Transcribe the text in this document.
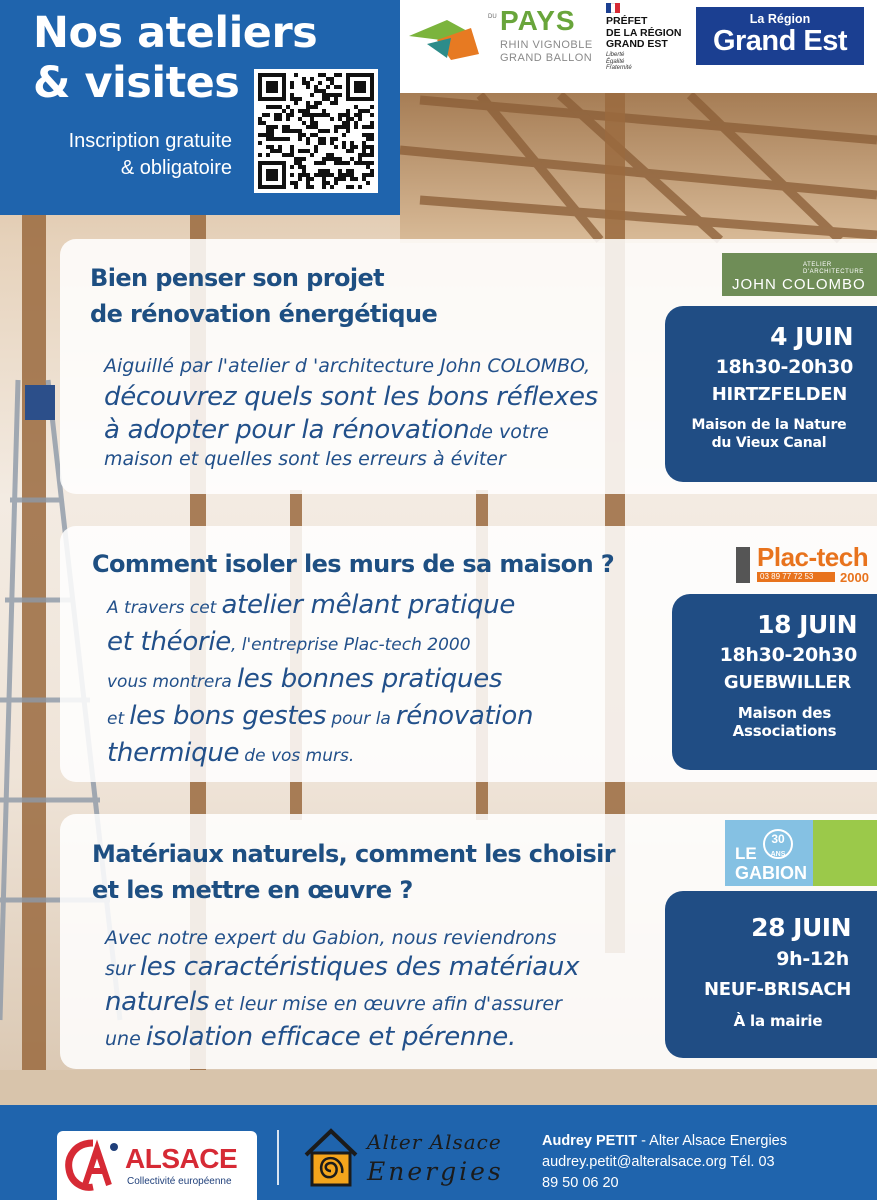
Nos ateliers
& visites
Inscription gratuite
& obligatoire
DU PAYS
RHIN VIGNOBLE
GRAND BALLON
PRÉFET
DE LA RÉGION
GRAND EST
Liberté
Égalité
Fraternité
La Région
Grand Est
Bien penser son projet
de rénovation énergétique
Aiguillé par l'atelier d 'architecture John COLOMBO,
découvrez quels sont les bons réflexes
à adopter pour la rénovationde votre
maison et quelles sont les erreurs à éviter
ATELIER
D'ARCHITECTURE
JOHN COLOMBO
4 JUIN
18h30-20h30
HIRTZFELDEN
Maison de la Nature
du Vieux Canal
Comment isoler les murs de sa maison ?
A travers cet atelier mêlant pratique
et théorie, l'entreprise Plac-tech 2000
vous montrera les bonnes pratiques
et les bons gestes pour la rénovation
thermique de vos murs.
Plac-tech
03 89 77 72 53	2000
18 JUIN
18h30-20h30
GUEBWILLER
Maison des
Associations
Matériaux naturels, comment les choisir
et les mettre en œuvre ?
Avec notre expert du Gabion, nous reviendrons
sur les caractéristiques des matériaux
naturels et leur mise en œuvre afin d'assurer
une isolation efficace et pérenne.
30
ANS
LE
GABION
28 JUIN
9h-12h
NEUF-BRISACH
À la mairie
ALSACE
Collectivité européenne
Alter Alsace
Energies
Audrey PETIT - Alter Alsace Energies
audrey.petit@alteralsace.org Tél. 03
89 50 06 20
